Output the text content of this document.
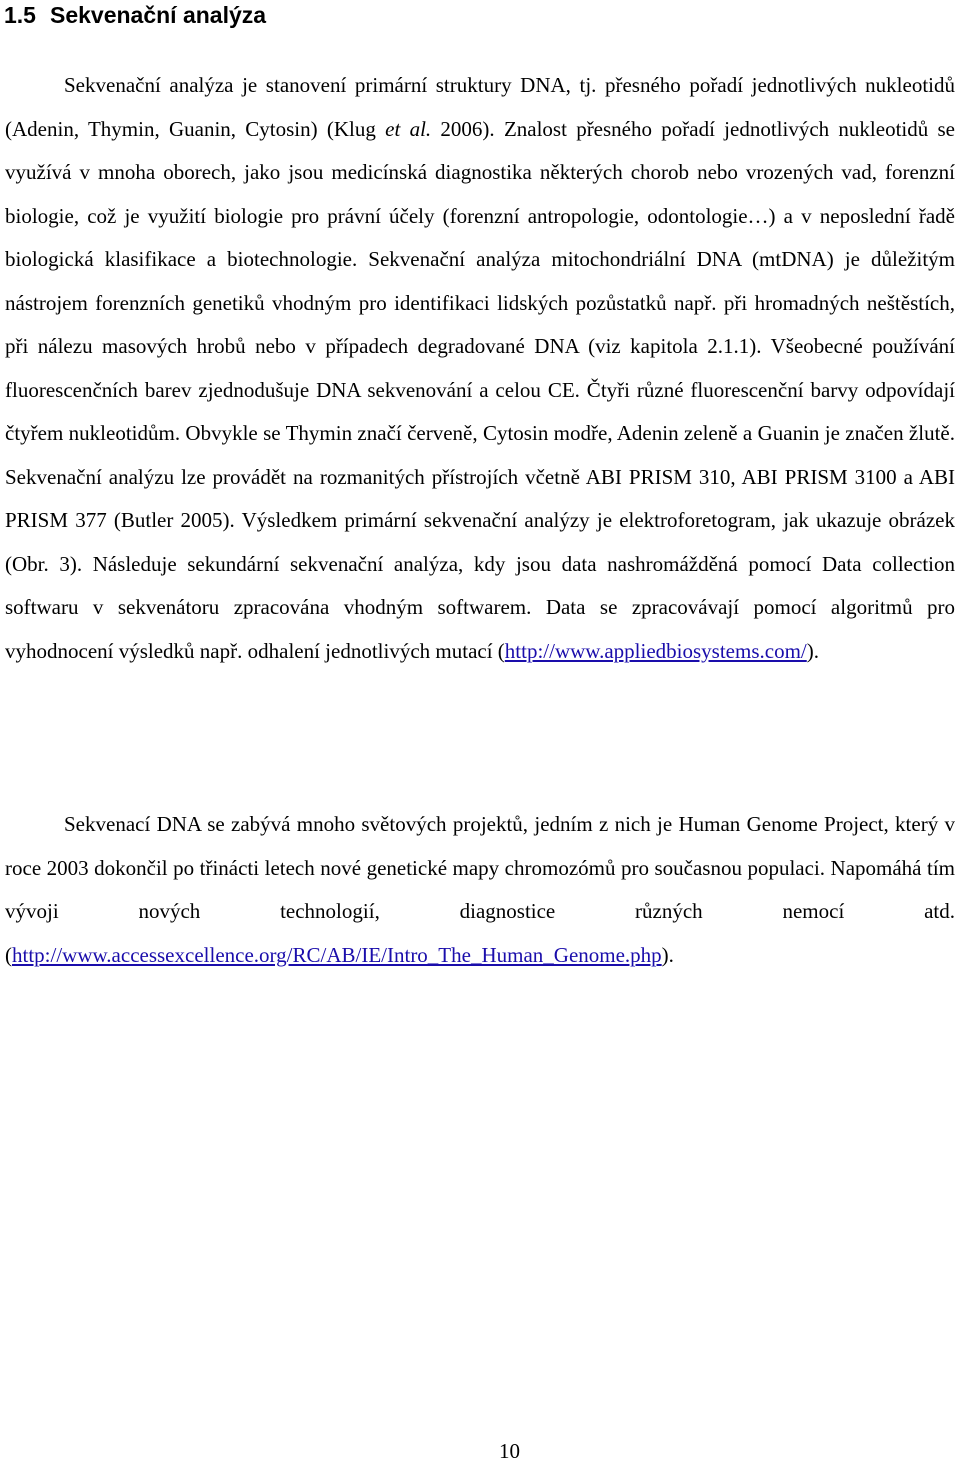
1.5 Sekvenační analýza

Sekvenační analýza je stanovení primární struktury DNA, tj. přesného pořadí jednotlivých nukleotidů (Adenin, Thymin, Guanin, Cytosin) (Klug et al. 2006). Znalost přesného pořadí jednotlivých nukleotidů se využívá v mnoha oborech, jako jsou medicínská diagnostika některých chorob nebo vrozených vad, forenzní biologie, což je využití biologie pro právní účely (forenzní antropologie, odontologie…) a v neposlední řadě biologická klasifikace a biotechnologie. Sekvenační analýza mitochondriální DNA (mtDNA) je důležitým nástrojem forenzních genetiků vhodným pro identifikaci lidských pozůstatků např. při hromadných neštěstích, při nálezu masových hrobů nebo v případech degradované DNA (viz kapitola 2.1.1). Všeobecné používání fluorescenčních barev zjednodušuje DNA sekvenování a celou CE. Čtyři různé fluorescenční barvy odpovídají čtyřem nukleotidům. Obvykle se Thymin značí červeně, Cytosin modře, Adenin zeleně a Guanin je značen žlutě. Sekvenační analýzu lze provádět na rozmanitých přístrojích včetně ABI PRISM 310, ABI PRISM 3100 a ABI PRISM 377 (Butler 2005). Výsledkem primární sekvenační analýzy je elektroforetogram, jak ukazuje obrázek (Obr. 3). Následuje sekundární sekvenační analýza, kdy jsou data nashromážděná pomocí Data collection softwaru v sekvenátoru zpracována vhodným softwarem. Data se zpracovávají pomocí algoritmů pro vyhodnocení výsledků např. odhalení jednotlivých mutací (http://www.appliedbiosystems.com/).

Sekvenací DNA se zabývá mnoho světových projektů, jedním z nich je Human Genome Project, který v roce 2003 dokončil po třinácti letech nové genetické mapy chromozómů pro současnou populaci. Napomáhá tím vývoji nových technologií, diagnostice různých nemocí atd. (http://www.accessexcellence.org/RC/AB/IE/Intro_The_Human_Genome.php).

10
